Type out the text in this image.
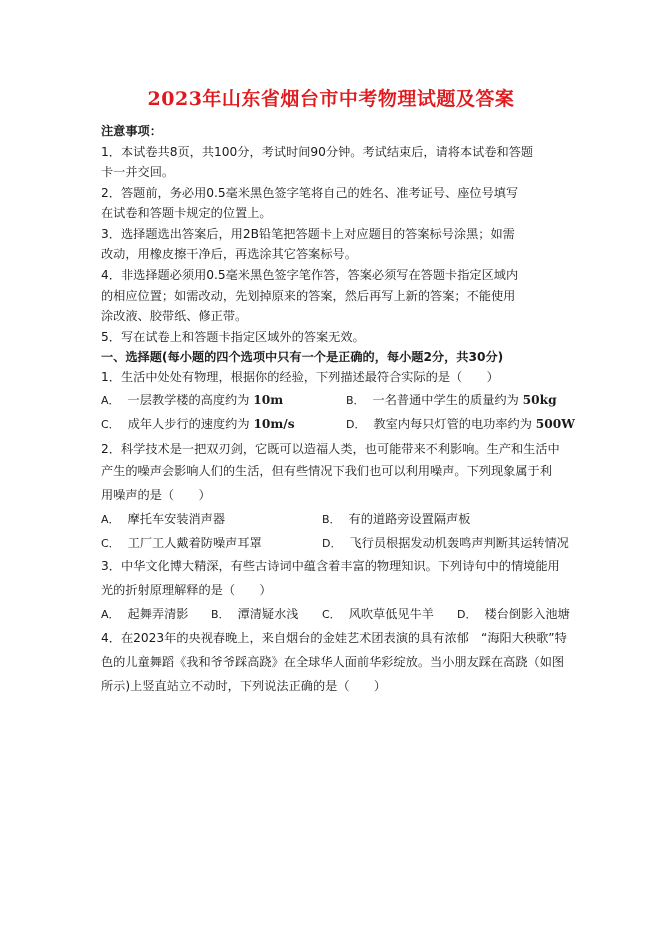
2023年山东省烟台市中考物理试题及答案
注意事项：
1．本试卷共8页，共100分，考试时间90分钟。考试结束后，请将本试卷和答题
卡一并交回。
2．答题前，务必用0.5毫米黑色签字笔将自己的姓名、准考证号、座位号填写
在试卷和答题卡规定的位置上。
3．选择题选出答案后，用2B铅笔把答题卡上对应题目的答案标号涂黑；如需
改动，用橡皮擦干净后，再选涂其它答案标号。
4．非选择题必须用0.5毫米黑色签字笔作答，答案必须写在答题卡指定区域内
的相应位置；如需改动，先划掉原来的答案，然后再写上新的答案；不能使用
涂改液、胶带纸、修正带。
5．写在试卷上和答题卡指定区域外的答案无效。
一、选择题(每小题的四个选项中只有一个是正确的，每小题2分，共30分)
1．生活中处处有物理，根据你的经验，下列描述最符合实际的是（　　）
A． 一层教学楼的高度约为 10m	B． 一名普通中学生的质量约为 50kg
C． 成年人步行的速度约为 10m/s	D． 教室内每只灯管的电功率约为 500W
2．科学技术是一把双刃剑，它既可以造福人类，也可能带来不利影响。生产和生活中
产生的噪声会影响人们的生活，但有些情况下我们也可以利用噪声。下列现象属于利
用噪声的是（　　）
A． 摩托车安装消声器	B． 有的道路旁设置隔声板
C． 工厂工人戴着防噪声耳罩	D． 飞行员根据发动机轰鸣声判断其运转情况
3．中华文化博大精深，有些古诗词中蕴含着丰富的物理知识。下列诗句中的情境能用
光的折射原理解释的是（　　）
A． 起舞弄清影 B． 潭清疑水浅 C． 风吹草低见牛羊 D． 楼台倒影入池塘
4．在2023年的央视春晚上，来自烟台的金娃艺术团表演的具有浓郁　“海阳大秧歌”特
色的儿童舞蹈《我和爷爷踩高跷》在全球华人面前华彩绽放。当小朋友踩在高跷（如图
所示)上竖直站立不动时，下列说法正确的是（　　）
